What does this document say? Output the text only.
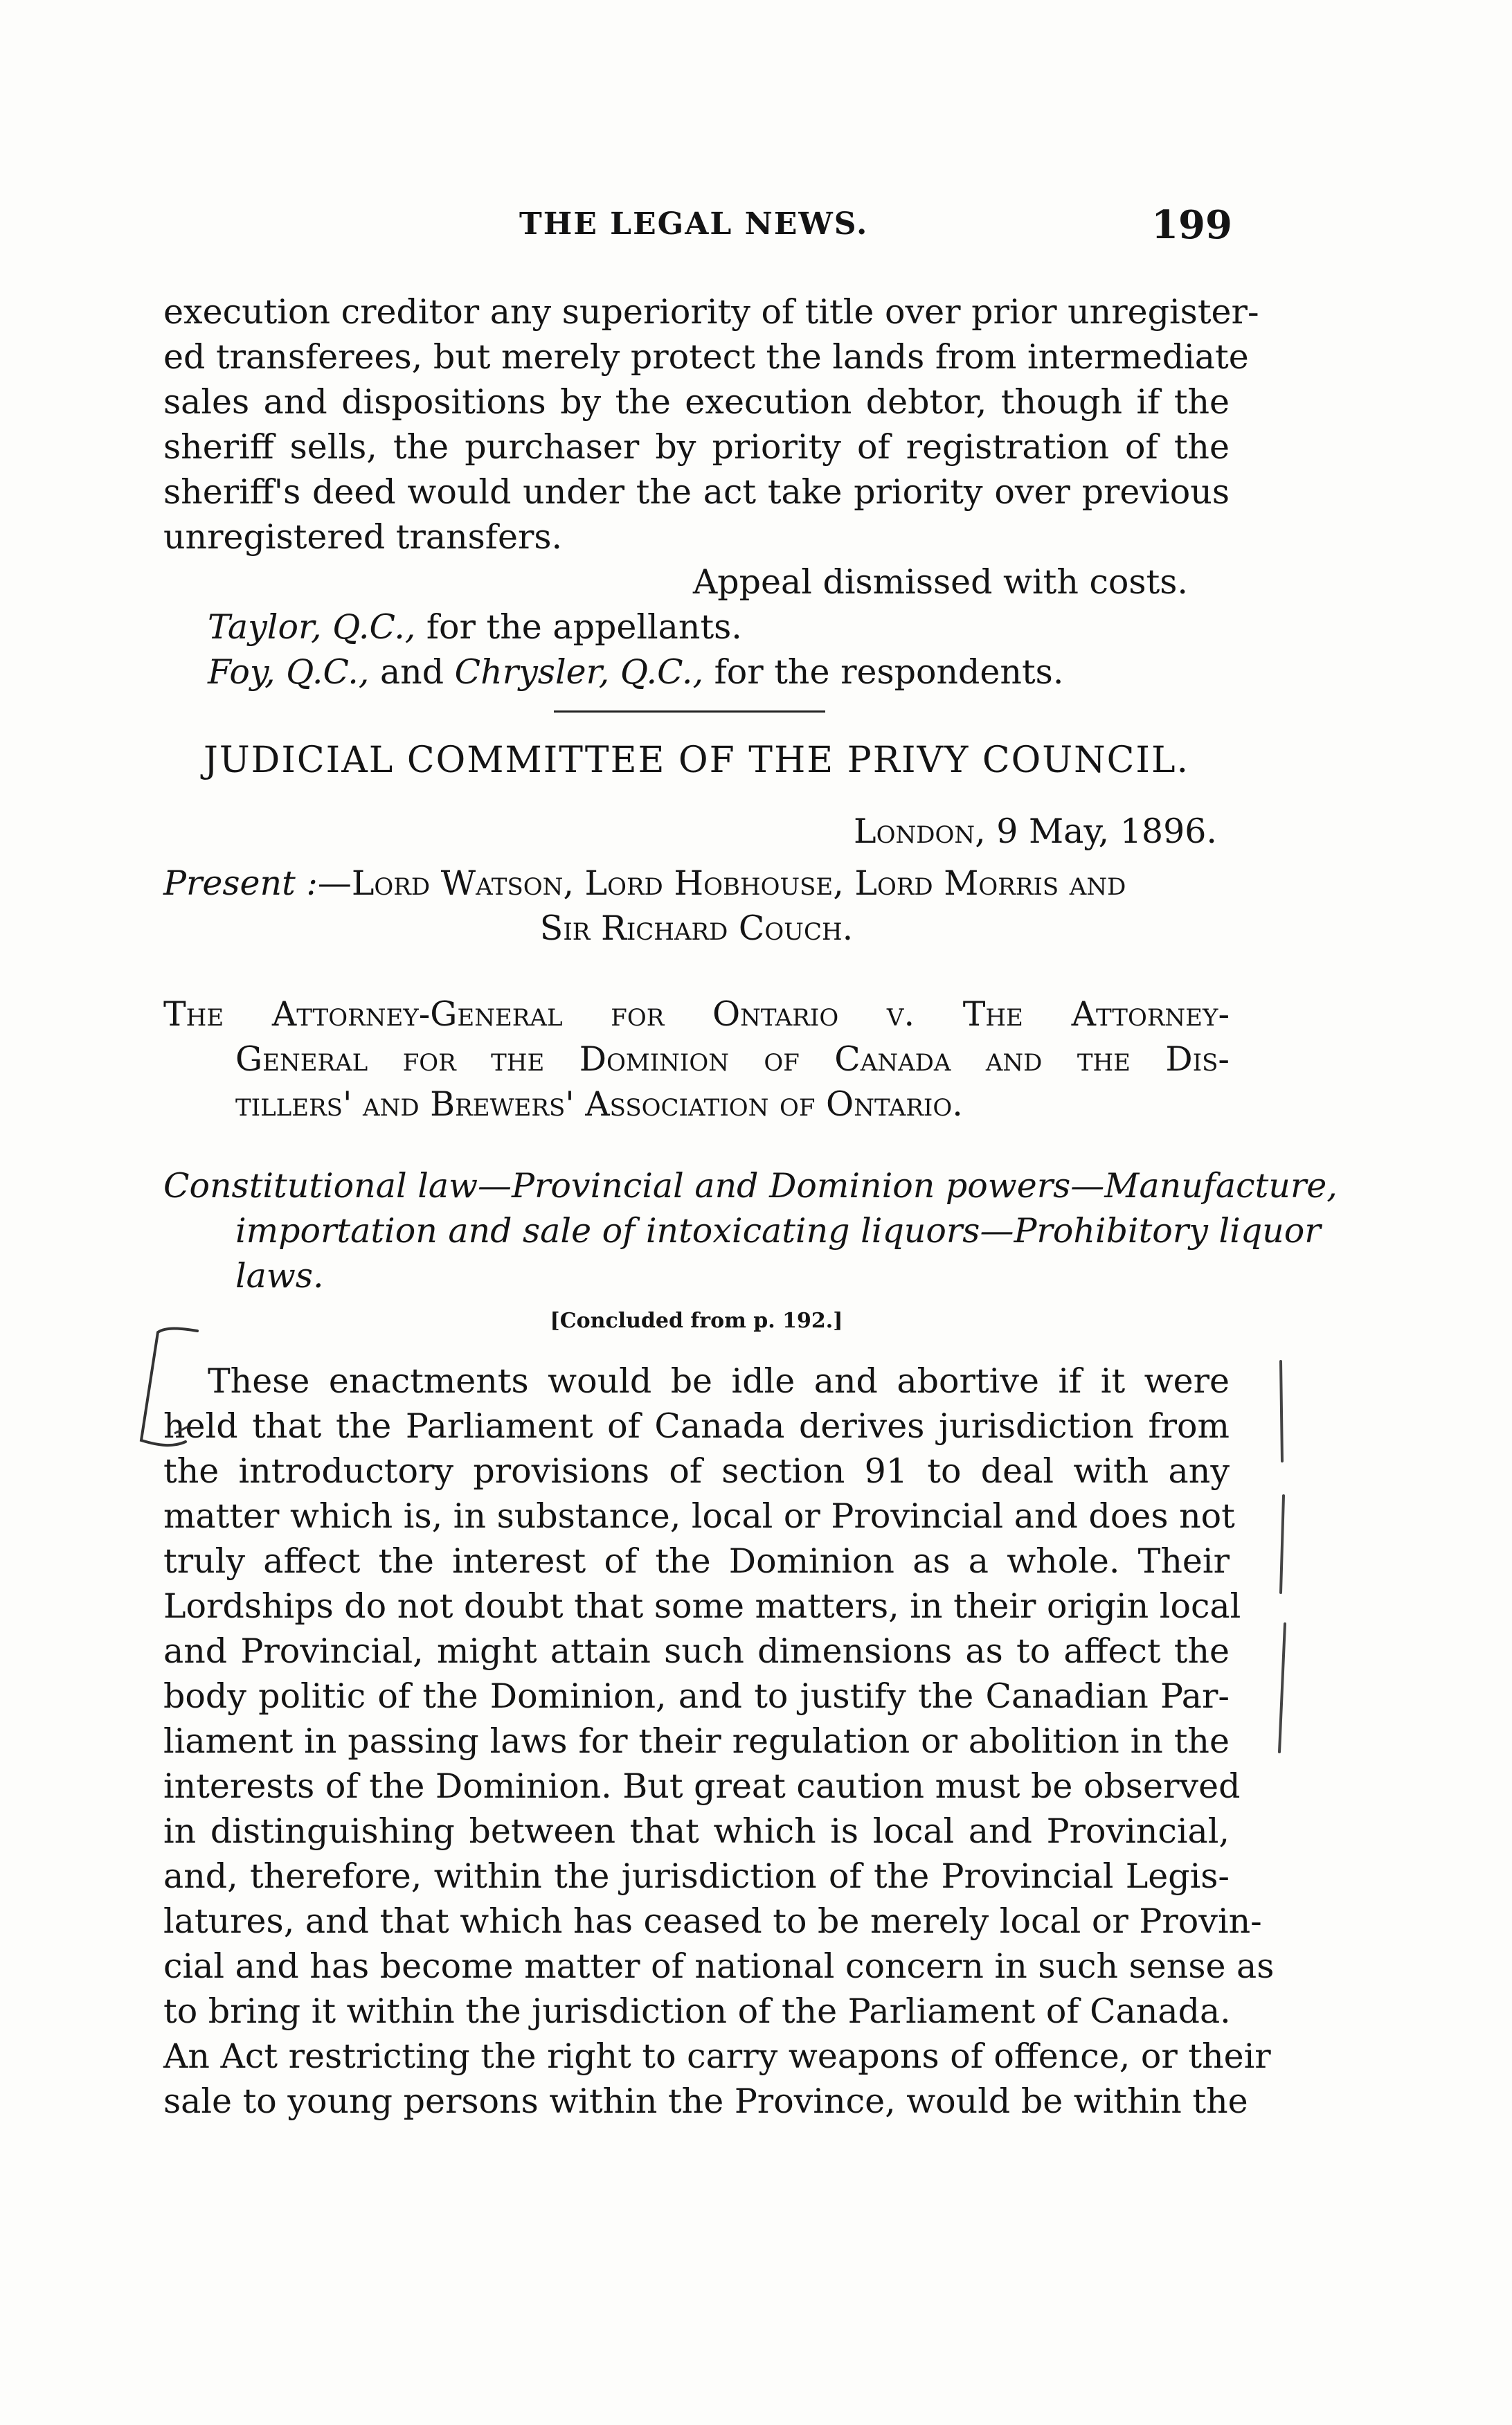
THE LEGAL NEWS.	199
execution creditor any superiority of title over prior unregister-
ed transferees, but merely protect the lands from intermediate
sales and dispositions by the execution debtor, though if the
sheriff sells, the purchaser by priority of registration of the
sheriff's deed would under the act take priority over previous
unregistered transfers.
Appeal dismissed with costs.
Taylor, Q.C., for the appellants.
Foy, Q.C., and Chrysler, Q.C., for the respondents.
JUDICIAL COMMITTEE OF THE PRIVY COUNCIL.
London, 9 May, 1896.
Present :—Lord Watson, Lord Hobhouse, Lord Morris and
Sir Richard Couch.
The Attorney-General for Ontario v. The Attorney-
General for the Dominion of Canada and the Dis-
tillers' and Brewers' Association of Ontario.
Constitutional law—Provincial and Dominion powers—Manufacture,
importation and sale of intoxicating liquors—Prohibitory liquor
laws.
[Concluded from p. 192.]
These enactments would be idle and abortive if it were
held that the Parliament of Canada derives jurisdiction from
the introductory provisions of section 91 to deal with any
matter which is, in substance, local or Provincial and does not
truly affect the interest of the Dominion as a whole. Their
Lordships do not doubt that some matters, in their origin local
and Provincial, might attain such dimensions as to affect the
body politic of the Dominion, and to justify the Canadian Par-
liament in passing laws for their regulation or abolition in the
interests of the Dominion. But great caution must be observed
in distinguishing between that which is local and Provincial,
and, therefore, within the jurisdiction of the Provincial Legis-
latures, and that which has ceased to be merely local or Provin-
cial and has become matter of national concern in such sense as
to bring it within the jurisdiction of the Parliament of Canada.
An Act restricting the right to carry weapons of offence, or their
sale to young persons within the Province, would be within the
